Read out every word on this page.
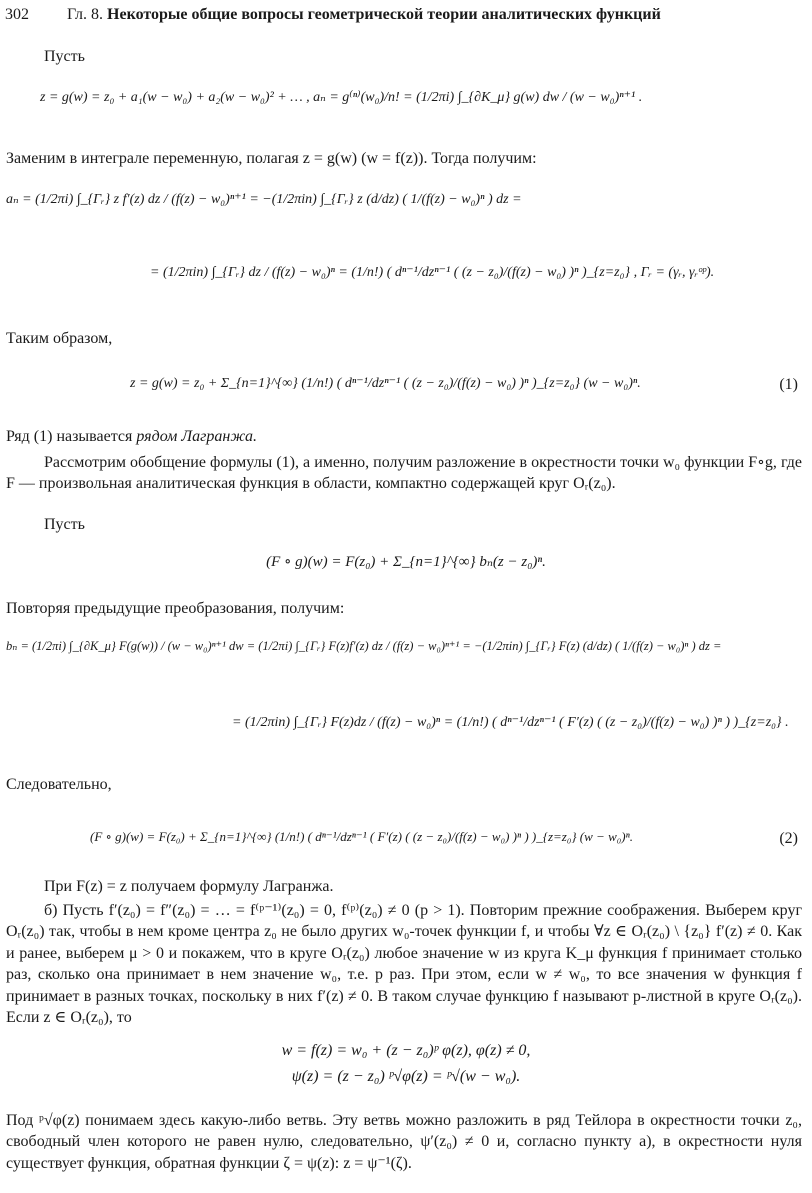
302 Гл. 8. Некоторые общие вопросы геометрической теории аналитических функций
Пусть
z = g(w) = z₀ + a₁(w − w₀) + a₂(w − w₀)² + … , aₙ = g⁽ⁿ⁾(w₀)/n! = (1/2πi) ∫_{∂K_μ} g(w) dw / (w − w₀)ⁿ⁺¹ .
Заменим в интеграле переменную, полагая z = g(w) (w = f(z)). Тогда получим:
aₙ = (1/2πi) ∫_{Γᵣ} z f′(z) dz / (f(z) − w₀)ⁿ⁺¹ = −(1/2πin) ∫_{Γᵣ} z (d/dz) ( 1/(f(z) − w₀)ⁿ ) dz =
= (1/2πin) ∫_{Γᵣ} dz / (f(z) − w₀)ⁿ = (1/n!) ( dⁿ⁻¹/dzⁿ⁻¹ ( (z − z₀)/(f(z) − w₀) )ⁿ )_{z=z₀} , Γᵣ = (γᵣ, γᵣᵒᵖ).
Таким образом,
z = g(w) = z₀ + Σ_{n=1}^{∞} (1/n!) ( dⁿ⁻¹/dzⁿ⁻¹ ( (z − z₀)/(f(z) − w₀) )ⁿ )_{z=z₀} (w − w₀)ⁿ.	(1)
Ряд (1) называется рядом Лагранжа.
Рассмотрим обобщение формулы (1), а именно, получим разложение в окрестности точки w₀ функции F∘g, где F — произвольная аналитическая функция в области, компактно содержащей круг Oᵣ(z₀).
Пусть
(F ∘ g)(w) = F(z₀) + Σ_{n=1}^{∞} bₙ(z − z₀)ⁿ.
Повторяя предыдущие преобразования, получим:
bₙ = (1/2πi) ∫_{∂K_μ} F(g(w)) / (w − w₀)ⁿ⁺¹ dw = (1/2πi) ∫_{Γᵣ} F(z)f′(z) dz / (f(z) − w₀)ⁿ⁺¹ = −(1/2πin) ∫_{Γᵣ} F(z) (d/dz) ( 1/(f(z) − w₀)ⁿ ) dz =
= (1/2πin) ∫_{Γᵣ} F(z)dz / (f(z) − w₀)ⁿ = (1/n!) ( dⁿ⁻¹/dzⁿ⁻¹ ( F′(z) ( (z − z₀)/(f(z) − w₀) )ⁿ ) )_{z=z₀} .
Следовательно,
(F ∘ g)(w) = F(z₀) + Σ_{n=1}^{∞} (1/n!) ( dⁿ⁻¹/dzⁿ⁻¹ ( F′(z) ( (z − z₀)/(f(z) − w₀) )ⁿ ) )_{z=z₀} (w − w₀)ⁿ.	(2)
При F(z) = z получаем формулу Лагранжа.
б) Пусть f′(z₀) = f″(z₀) = … = f⁽ᵖ⁻¹⁾(z₀) = 0, f⁽ᵖ⁾(z₀) ≠ 0 (p > 1). Повторим прежние соображения. Выберем круг Oᵣ(z₀) так, чтобы в нем кроме центра z₀ не было других w₀-точек функции f, и чтобы ∀z ∈ Oᵣ(z₀) \ {z₀} f′(z) ≠ 0. Как и ранее, выберем μ > 0 и покажем, что в круге Oᵣ(z₀) любое значение w из круга K_μ функция f принимает столько раз, сколько она принимает в нем значение w₀, т.е. p раз. При этом, если w ≠ w₀, то все значения w функция f принимает в разных точках, поскольку в них f′(z) ≠ 0. В таком случае функцию f называют p-листной в круге Oᵣ(z₀). Если z ∈ Oᵣ(z₀), то
w = f(z) = w₀ + (z − z₀)ᵖ φ(z), φ(z) ≠ 0,
ψ(z) = (z − z₀) ᵖ√φ(z) = ᵖ√(w − w₀).
Под ᵖ√φ(z) понимаем здесь какую-либо ветвь. Эту ветвь можно разложить в ряд Тейлора в окрестности точки z₀, свободный член которого не равен нулю, следовательно, ψ′(z₀) ≠ 0 и, согласно пункту а), в окрестности нуля существует функция, обратная функции ζ = ψ(z): z = ψ⁻¹(ζ).
